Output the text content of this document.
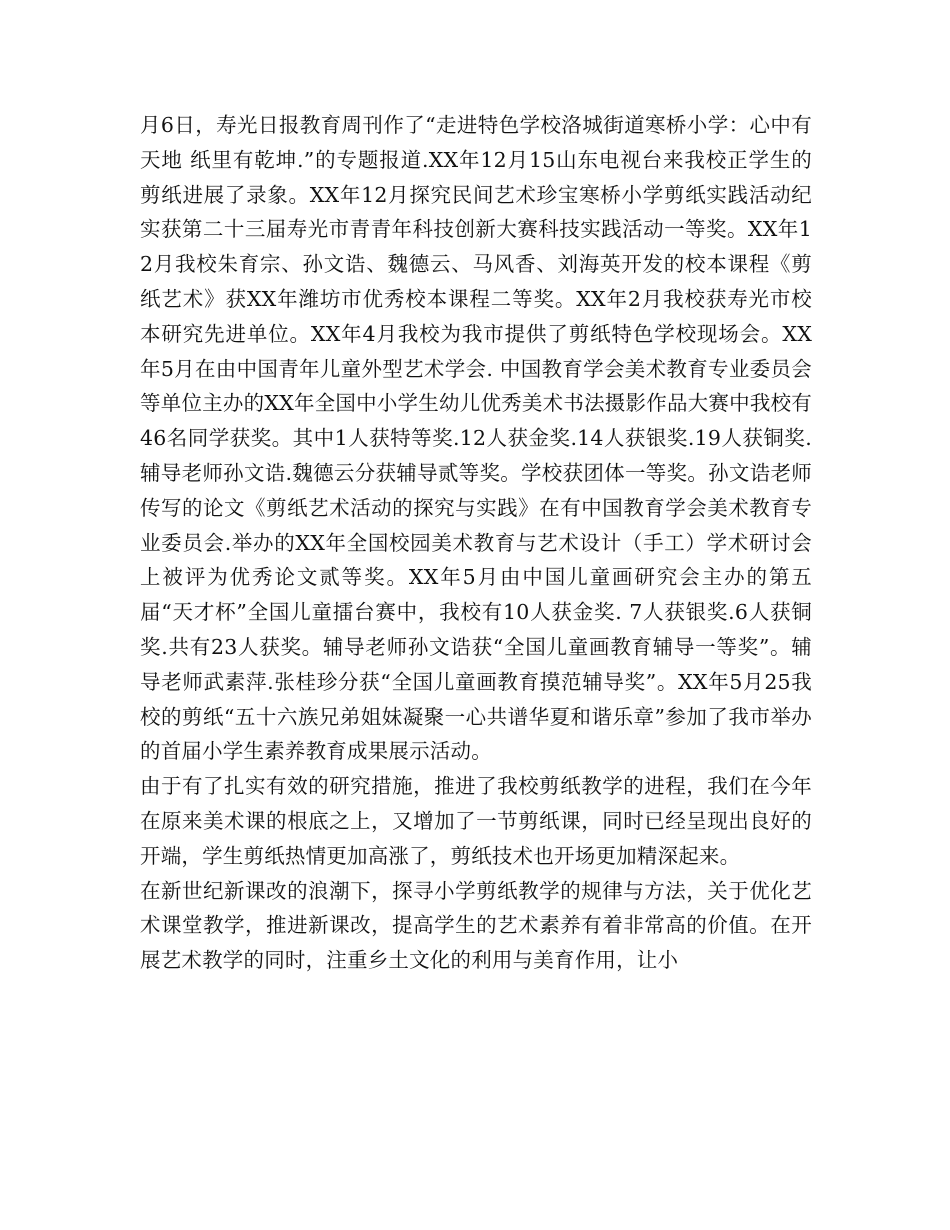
月6日，寿光日报教育周刊作了“走进特色学校洛城街道寒桥小学：心中有天地 纸里有乾坤.”的专题报道.XX年12月15山东电视台来我校正学生的剪纸进展了录象。XX年12月探究民间艺术珍宝寒桥小学剪纸实践活动纪实获第二十三届寿光市青青年科技创新大赛科技实践活动一等奖。XX年12月我校朱育宗、孙文诰、魏德云、马风香、刘海英开发的校本课程《剪纸艺术》获XX年潍坊市优秀校本课程二等奖。XX年2月我校获寿光市校本研究先进单位。XX年4月我校为我市提供了剪纸特色学校现场会。XX年5月在由中国青年儿童外型艺术学会. 中国教育学会美术教育专业委员会等单位主办的XX年全国中小学生幼儿优秀美术书法摄影作品大赛中我校有46名同学获奖。其中1人获特等奖.12人获金奖.14人获银奖.19人获铜奖. 辅导老师孙文诰.魏德云分获辅导贰等奖。学校获团体一等奖。孙文诰老师传写的论文《剪纸艺术活动的探究与实践》在有中国教育学会美术教育专业委员会.举办的XX年全国校园美术教育与艺术设计（手工）学术研讨会上被评为优秀论文贰等奖。XX年5月由中国儿童画研究会主办的第五届“天才杯”全国儿童擂台赛中，我校有10人获金奖. 7人获银奖.6人获铜奖.共有23人获奖。辅导老师孙文诰获“全国儿童画教育辅导一等奖”。辅导老师武素萍.张桂珍分获“全国儿童画教育摸范辅导奖”。XX年5月25我校的剪纸“五十六族兄弟姐妹凝聚一心共谱华夏和谐乐章”参加了我市举办的首届小学生素养教育成果展示活动。

由于有了扎实有效的研究措施，推进了我校剪纸教学的进程，我们在今年在原来美术课的根底之上，又增加了一节剪纸课，同时已经呈现出良好的开端，学生剪纸热情更加高涨了，剪纸技术也开场更加精深起来。

在新世纪新课改的浪潮下，探寻小学剪纸教学的规律与方法，关于优化艺术课堂教学，推进新课改，提高学生的艺术素养有着非常高的价值。在开展艺术教学的同时，注重乡土文化的利用与美育作用，让小
